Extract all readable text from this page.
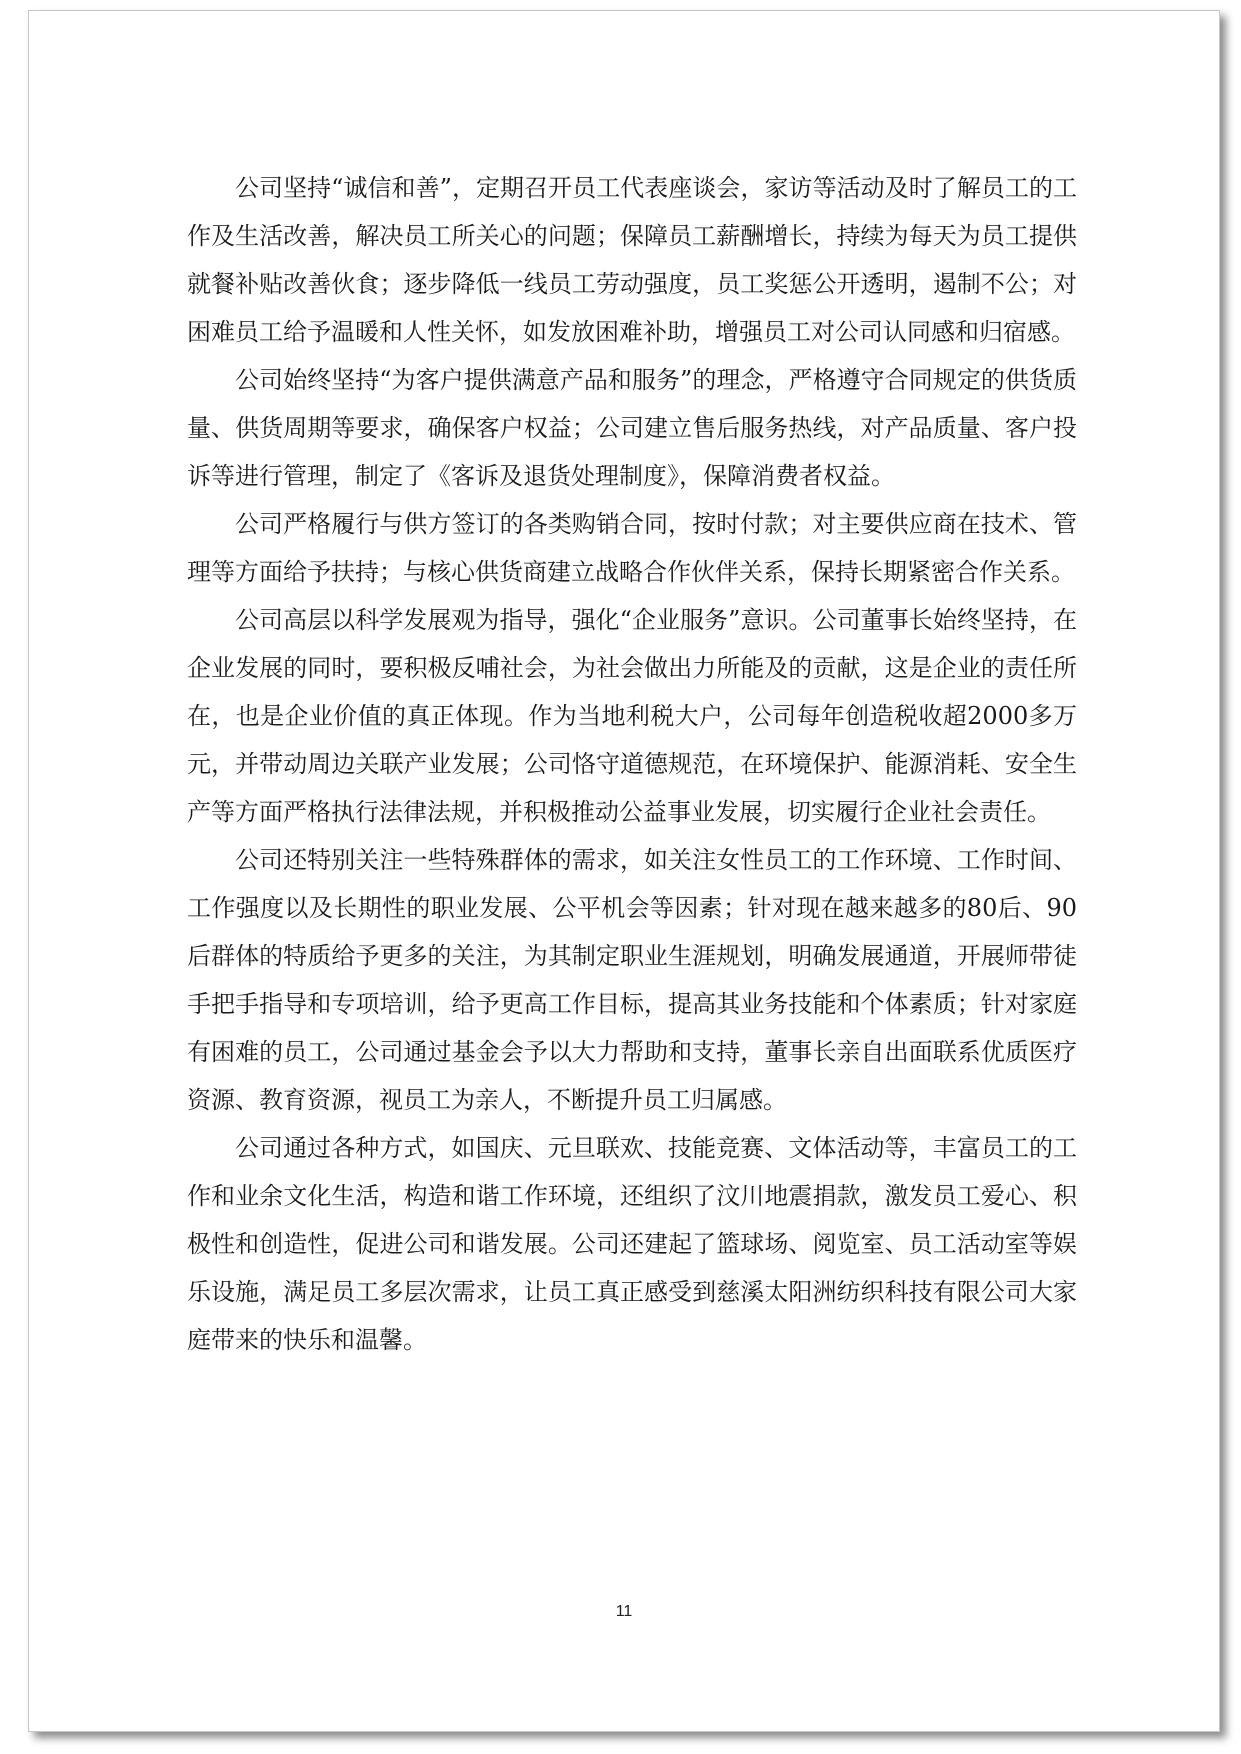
公司坚持“诚信和善”，定期召开员工代表座谈会，家访等活动及时了解员工的工作及生活改善，解决员工所关心的问题；保障员工薪酬增长，持续为每天为员工提供就餐补贴改善伙食；逐步降低一线员工劳动强度，员工奖惩公开透明，遏制不公；对困难员工给予温暖和人性关怀，如发放困难补助，增强员工对公司认同感和归宿感。

公司始终坚持“为客户提供满意产品和服务”的理念，严格遵守合同规定的供货质量、供货周期等要求，确保客户权益；公司建立售后服务热线，对产品质量、客户投诉等进行管理，制定了《客诉及退货处理制度》，保障消费者权益。

公司严格履行与供方签订的各类购销合同，按时付款；对主要供应商在技术、管理等方面给予扶持；与核心供货商建立战略合作伙伴关系，保持长期紧密合作关系。

公司高层以科学发展观为指导，强化“企业服务”意识。公司董事长始终坚持，在企业发展的同时，要积极反哺社会，为社会做出力所能及的贡献，这是企业的责任所在，也是企业价值的真正体现。作为当地利税大户，公司每年创造税收超2000多万元，并带动周边关联产业发展；公司恪守道德规范，在环境保护、能源消耗、安全生产等方面严格执行法律法规，并积极推动公益事业发展，切实履行企业社会责任。

公司还特别关注一些特殊群体的需求，如关注女性员工的工作环境、工作时间、工作强度以及长期性的职业发展、公平机会等因素；针对现在越来越多的80后、90后群体的特质给予更多的关注，为其制定职业生涯规划，明确发展通道，开展师带徒手把手指导和专项培训，给予更高工作目标，提高其业务技能和个体素质；针对家庭有困难的员工，公司通过基金会予以大力帮助和支持，董事长亲自出面联系优质医疗资源、教育资源，视员工为亲人，不断提升员工归属感。

公司通过各种方式，如国庆、元旦联欢、技能竞赛、文体活动等，丰富员工的工作和业余文化生活，构造和谐工作环境，还组织了汶川地震捐款，激发员工爱心、积极性和创造性，促进公司和谐发展。公司还建起了篮球场、阅览室、员工活动室等娱乐设施，满足员工多层次需求，让员工真正感受到慈溪太阳洲纺织科技有限公司大家庭带来的快乐和温馨。

11
